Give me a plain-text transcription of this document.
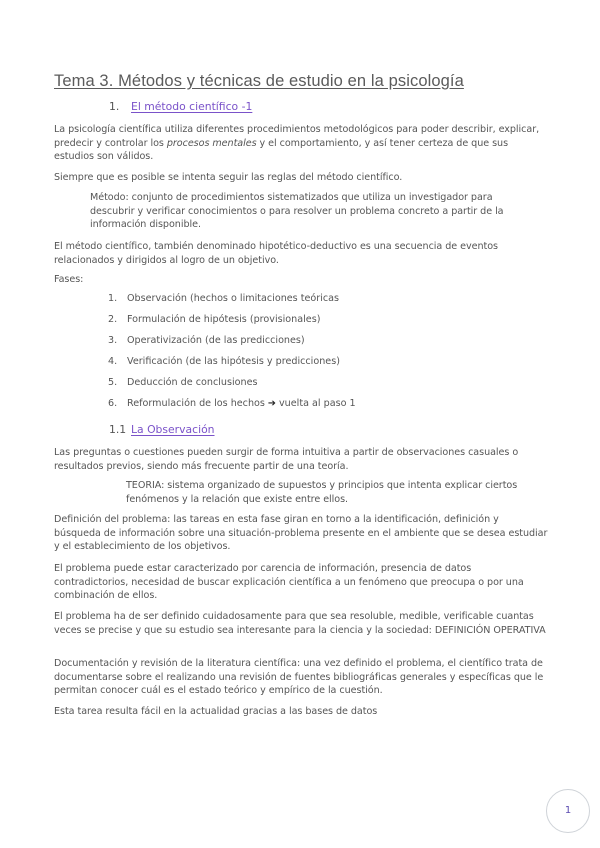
Tema 3. Métodos y técnicas de estudio en la psicología
1. El método científico -1

La psicología científica utiliza diferentes procedimientos metodológicos para poder describir, explicar, predecir y controlar los procesos mentales y el comportamiento, y así tener certeza de que sus estudios son válidos.

Siempre que es posible se intenta seguir las reglas del método científico.

Método: conjunto de procedimientos sistematizados que utiliza un investigador para descubrir y verificar conocimientos o para resolver un problema concreto a partir de la información disponible.

El método científico, también denominado hipotético-deductivo es una secuencia de eventos relacionados y dirigidos al logro de un objetivo.

Fases:

1. Observación (hechos o limitaciones teóricas
2. Formulación de hipótesis (provisionales)
3. Operativización (de las predicciones)
4. Verificación (de las hipótesis y predicciones)
5. Deducción de conclusiones
6. Reformulación de los hechos ➔ vuelta al paso 1
1.1 La Observación

Las preguntas o cuestiones pueden surgir de forma intuitiva a partir de observaciones casuales o resultados previos, siendo más frecuente partir de una teoría.

TEORIA: sistema organizado de supuestos y principios que intenta explicar ciertos fenómenos y la relación que existe entre ellos.

Definición del problema: las tareas en esta fase giran en torno a la identificación, definición y búsqueda de información sobre una situación-problema presente en el ambiente que se desea estudiar y el establecimiento de los objetivos.

El problema puede estar caracterizado por carencia de información, presencia de datos contradictorios, necesidad de buscar explicación científica a un fenómeno que preocupa o por una combinación de ellos.

El problema ha de ser definido cuidadosamente para que sea resoluble, medible, verificable cuantas veces se precise y que su estudio sea interesante para la ciencia y la sociedad: DEFINICIÓN OPERATIVA

Documentación y revisión de la literatura científica: una vez definido el problema, el científico trata de documentarse sobre el realizando una revisión de fuentes bibliográficas generales y específicas que le permitan conocer cuál es el estado teórico y empírico de la cuestión.

Esta tarea resulta fácil en la actualidad gracias a las bases de datos

1
